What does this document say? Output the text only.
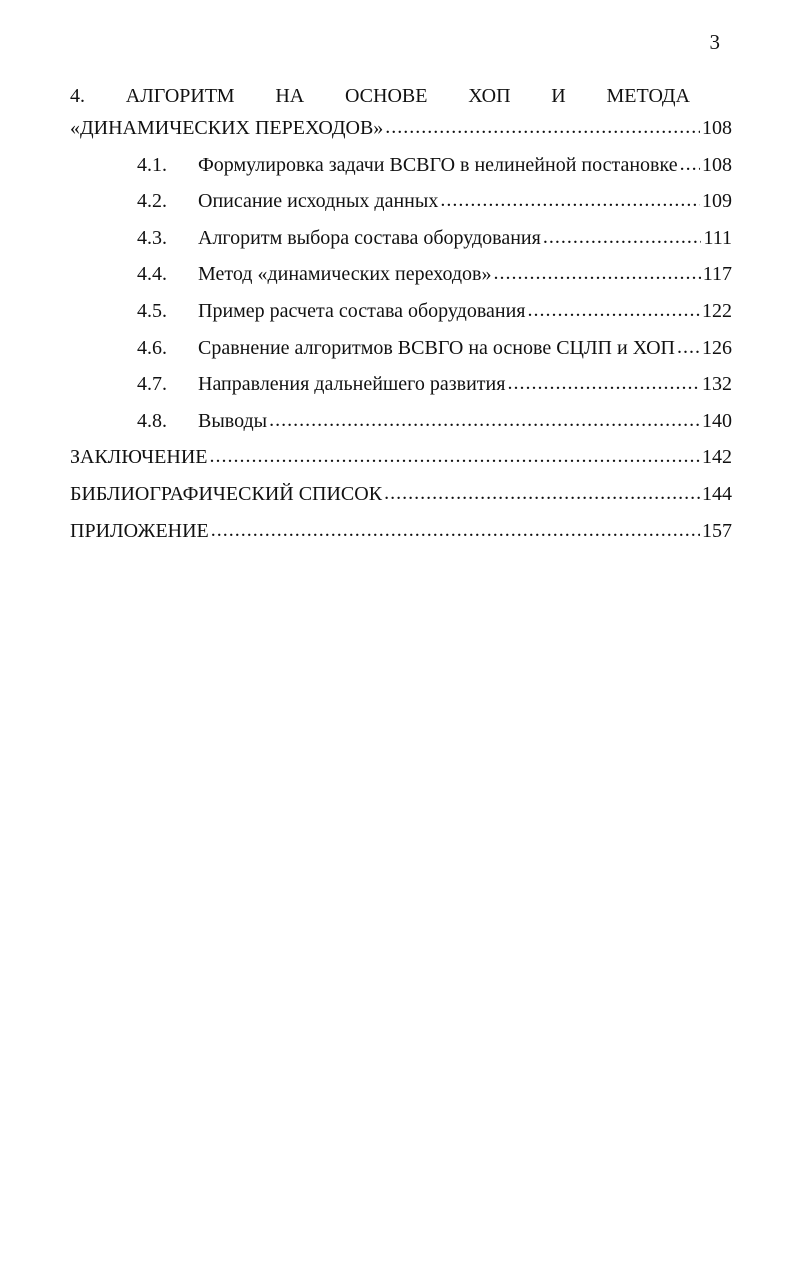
3
4. АЛГОРИТМ НА ОСНОВЕ ХОП И МЕТОДА
«ДИНАМИЧЕСКИХ ПЕРЕХОДОВ» .....	108
4.1.	Формулировка задачи ВСВГО в нелинейной постановке ..... 108
4.2.	Описание исходных данных .....	109
4.3.	Алгоритм выбора состава оборудования .....	111
4.4.	Метод «динамических переходов» .....	117
4.5.	Пример расчета состава оборудования .....	122
4.6.	Сравнение алгоритмов ВСВГО на основе СЦЛП и ХОП ..... 126
4.7.	Направления дальнейшего развития .....	132
4.8.	Выводы .....	140
ЗАКЛЮЧЕНИЕ .....	142
БИБЛИОГРАФИЧЕСКИЙ СПИСОК .....	144
ПРИЛОЖЕНИЕ .....	157
